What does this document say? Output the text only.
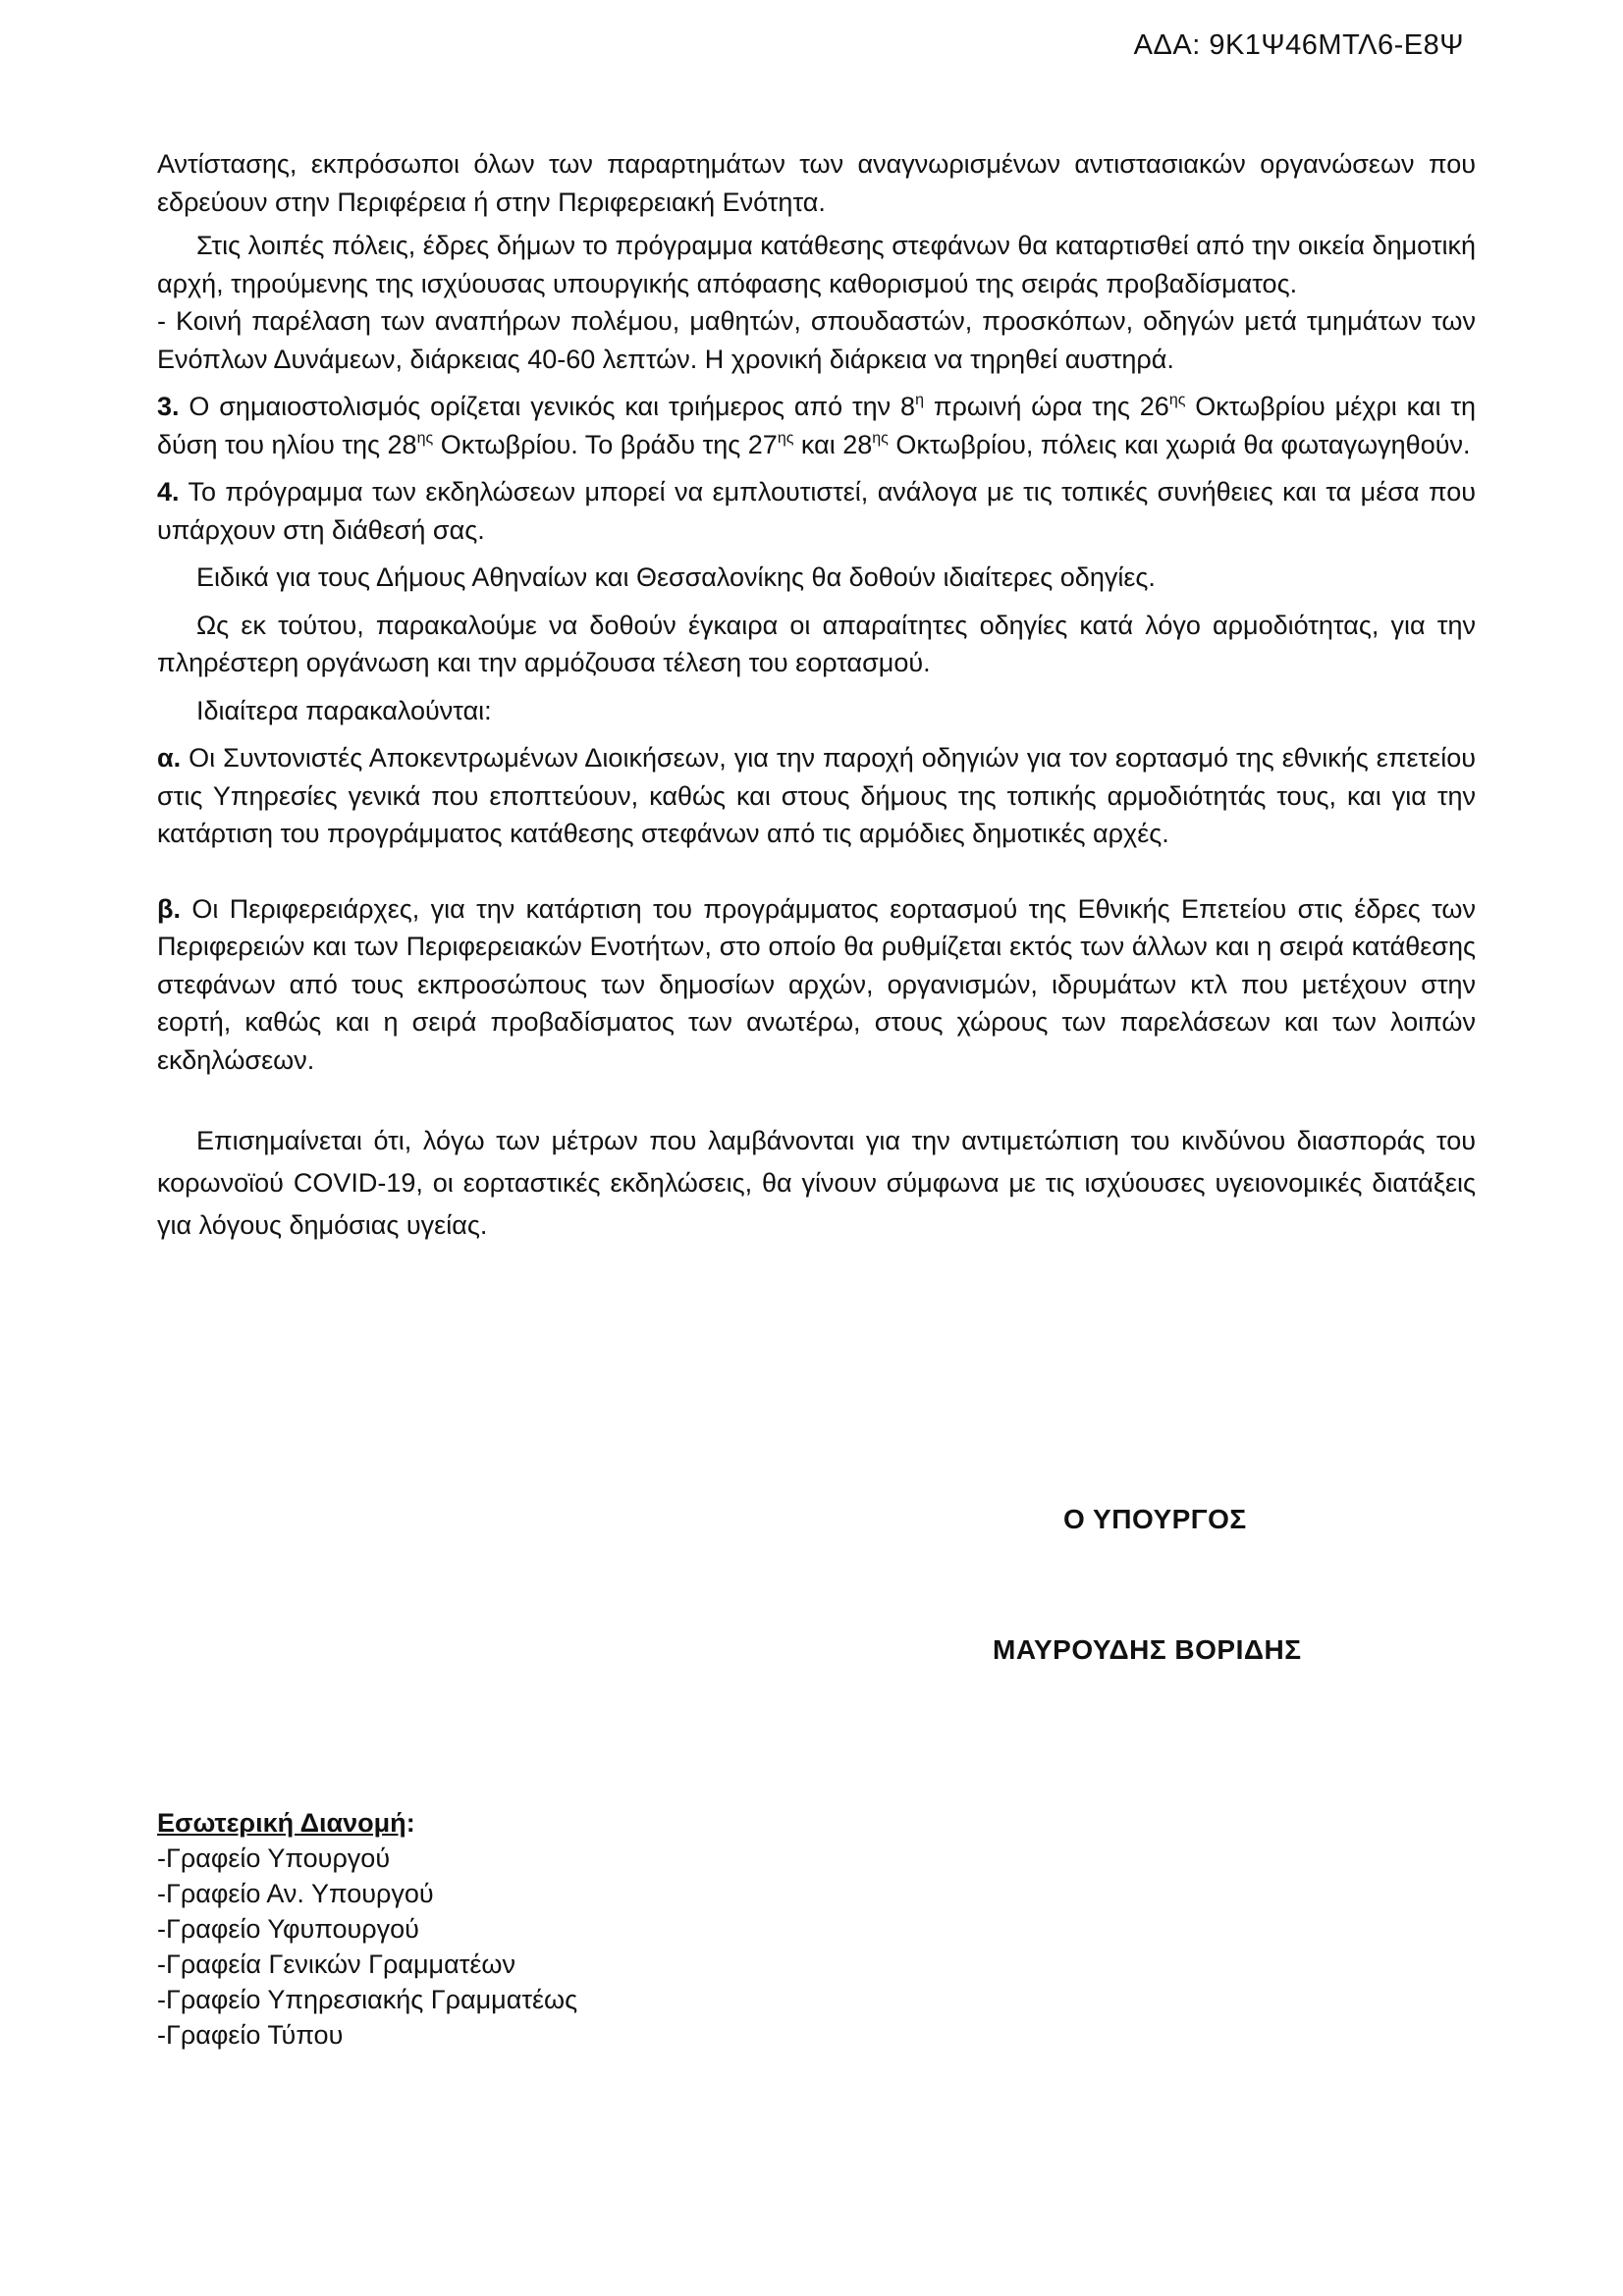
ΑΔΑ: 9Κ1Ψ46ΜΤΛ6-Ε8Ψ

Αντίστασης, εκπρόσωποι όλων των παραρτημάτων των αναγνωρισμένων αντιστασιακών οργανώσεων που εδρεύουν στην Περιφέρεια ή στην Περιφερειακή Ενότητα.

Στις λοιπές πόλεις, έδρες δήμων το πρόγραμμα κατάθεσης στεφάνων θα καταρτισθεί από την οικεία δημοτική αρχή, τηρούμενης της ισχύουσας υπουργικής απόφασης καθορισμού της σειράς προβαδίσματος.

- Κοινή παρέλαση των αναπήρων πολέμου, μαθητών, σπουδαστών, προσκόπων, οδηγών μετά τμημάτων των Ενόπλων Δυνάμεων, διάρκειας 40-60 λεπτών. Η χρονική διάρκεια να τηρηθεί αυστηρά.

3. Ο σημαιοστολισμός ορίζεται γενικός και τριήμερος από την $8^\eta$ πρωινή ώρα της $26^{\eta\varsigma}$ Οκτωβρίου μέχρι και τη δύση του ηλίου της $28^{\eta\varsigma}$ Οκτωβρίου. Το βράδυ της $27^{\eta\varsigma}$ και $28^{\eta\varsigma}$ Οκτωβρίου, πόλεις και χωριά θα φωταγωγηθούν.

4. Το πρόγραμμα των εκδηλώσεων μπορεί να εμπλουτιστεί, ανάλογα με τις τοπικές συνήθειες και τα μέσα που υπάρχουν στη διάθεσή σας.

Ειδικά για τους Δήμους Αθηναίων και Θεσσαλονίκης θα δοθούν ιδιαίτερες οδηγίες.

Ως εκ τούτου, παρακαλούμε να δοθούν έγκαιρα οι απαραίτητες οδηγίες κατά λόγο αρμοδιότητας, για την πληρέστερη οργάνωση και την αρμόζουσα τέλεση του εορτασμού.

Ιδιαίτερα παρακαλούνται:

α. Οι Συντονιστές Αποκεντρωμένων Διοικήσεων, για την παροχή οδηγιών για τον εορτασμό της εθνικής επετείου στις Υπηρεσίες γενικά που εποπτεύουν, καθώς και στους δήμους της τοπικής αρμοδιότητάς τους, και για την κατάρτιση του προγράμματος κατάθεσης στεφάνων από τις αρμόδιες δημοτικές αρχές.

β. Οι Περιφερειάρχες, για την κατάρτιση του προγράμματος εορτασμού της Εθνικής Επετείου στις έδρες των Περιφερειών και των Περιφερειακών Ενοτήτων, στο οποίο θα ρυθμίζεται εκτός των άλλων και η σειρά κατάθεσης στεφάνων από τους εκπροσώπους των δημοσίων αρχών, οργανισμών, ιδρυμάτων κτλ που μετέχουν στην εορτή, καθώς και η σειρά προβαδίσματος των ανωτέρω, στους χώρους των παρελάσεων και των λοιπών εκδηλώσεων.

Επισημαίνεται ότι, λόγω των μέτρων που λαμβάνονται για την αντιμετώπιση του κινδύνου διασποράς του κορωνοϊού COVID-19, οι εορταστικές εκδηλώσεις, θα γίνουν σύμφωνα με τις ισχύουσες υγειονομικές διατάξεις για λόγους δημόσιας υγείας.

Ο ΥΠΟΥΡΓΟΣ
ΜΑΥΡΟΥΔΗΣ ΒΟΡΙΔΗΣ
Εσωτερική Διανομή:
-Γραφείο Υπουργού
-Γραφείο Αν. Υπουργού
-Γραφείο Υφυπουργού
-Γραφεία Γενικών Γραμματέων
-Γραφείο Υπηρεσιακής Γραμματέως
-Γραφείο Τύπου
